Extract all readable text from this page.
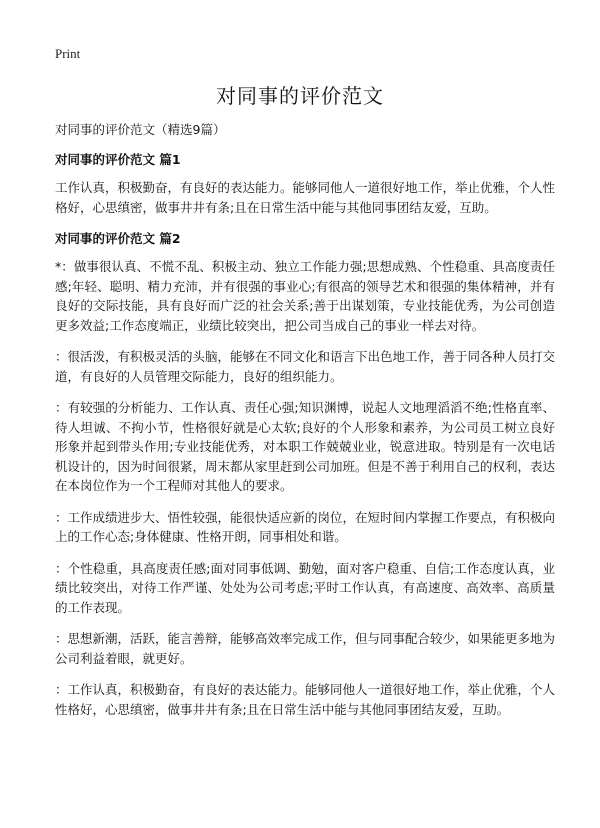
Print
对同事的评价范文
对同事的评价范文（精选9篇）
对同事的评价范文 篇1

工作认真，积极勤奋，有良好的表达能力。能够同他人一道很好地工作，举止优雅，个人性格好，心思缜密，做事井井有条;且在日常生活中能与其他同事团结友爱，互助。

对同事的评价范文 篇2

*：做事很认真、不慌不乱、积极主动、独立工作能力强;思想成熟、个性稳重、具高度责任感;年轻、聪明、精力充沛，并有很强的事业心;有很高的领导艺术和很强的集体精神，并有良好的交际技能，具有良好而广泛的社会关系;善于出谋划策，专业技能优秀，为公司创造更多效益;工作态度端正，业绩比较突出，把公司当成自己的事业一样去对待。

：很活泼，有积极灵活的头脑，能够在不同文化和语言下出色地工作，善于同各种人员打交道，有良好的人员管理交际能力，良好的组织能力。

：有较强的分析能力、工作认真、责任心强;知识渊博，说起人文地理滔滔不绝;性格直率、待人坦诚、不拘小节，性格很好就是心太软;良好的个人形象和素养，为公司员工树立良好形象并起到带头作用;专业技能优秀，对本职工作兢兢业业，锐意进取。特别是有一次电话机设计的，因为时间很紧，周末都从家里赶到公司加班。但是不善于利用自己的权利，表达在本岗位作为一个工程师对其他人的要求。

：工作成绩进步大、悟性较强，能很快适应新的岗位，在短时间内掌握工作要点，有积极向上的工作心态;身体健康、性格开朗，同事相处和谐。

：个性稳重，具高度责任感;面对同事低调、勤勉，面对客户稳重、自信;工作态度认真，业绩比较突出，对待工作严谨、处处为公司考虑;平时工作认真，有高速度、高效率、高质量的工作表现。

：思想新潮，活跃，能言善辩，能够高效率完成工作，但与同事配合较少，如果能更多地为公司利益着眼，就更好。

：工作认真，积极勤奋，有良好的表达能力。能够同他人一道很好地工作，举止优雅，个人性格好，心思缜密，做事井井有条;且在日常生活中能与其他同事团结友爱，互助。
